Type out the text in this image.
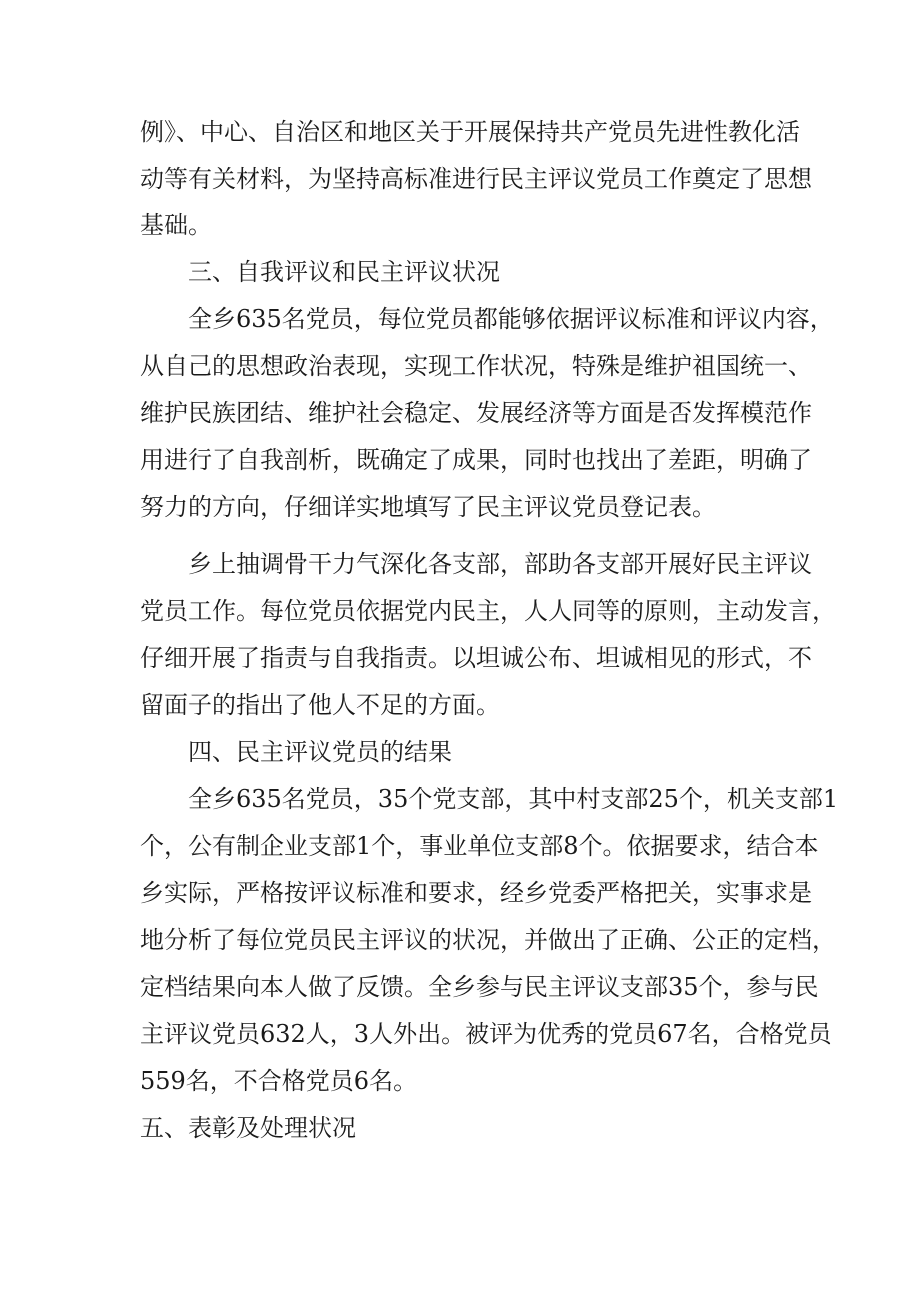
例》、中心、自治区和地区关于开展保持共产党员先进性教化活
动等有关材料，为坚持高标准进行民主评议党员工作奠定了思想
基础。
三、自我评议和民主评议状况
全乡635名党员，每位党员都能够依据评议标准和评议内容，
从自己的思想政治表现，实现工作状况，特殊是维护祖国统一、
维护民族团结、维护社会稳定、发展经济等方面是否发挥模范作
用进行了自我剖析，既确定了成果，同时也找出了差距，明确了
努力的方向，仔细详实地填写了民主评议党员登记表。
乡上抽调骨干力气深化各支部，部助各支部开展好民主评议
党员工作。每位党员依据党内民主，人人同等的原则，主动发言，
仔细开展了指责与自我指责。以坦诚公布、坦诚相见的形式，不
留面子的指出了他人不足的方面。
四、民主评议党员的结果
全乡635名党员，35个党支部，其中村支部25个，机关支部1
个，公有制企业支部1个，事业单位支部8个。依据要求，结合本
乡实际，严格按评议标准和要求，经乡党委严格把关，实事求是
地分析了每位党员民主评议的状况，并做出了正确、公正的定档，
定档结果向本人做了反馈。全乡参与民主评议支部35个，参与民
主评议党员632人，3人外出。被评为优秀的党员67名，合格党员
559名，不合格党员6名。
五、表彰及处理状况
